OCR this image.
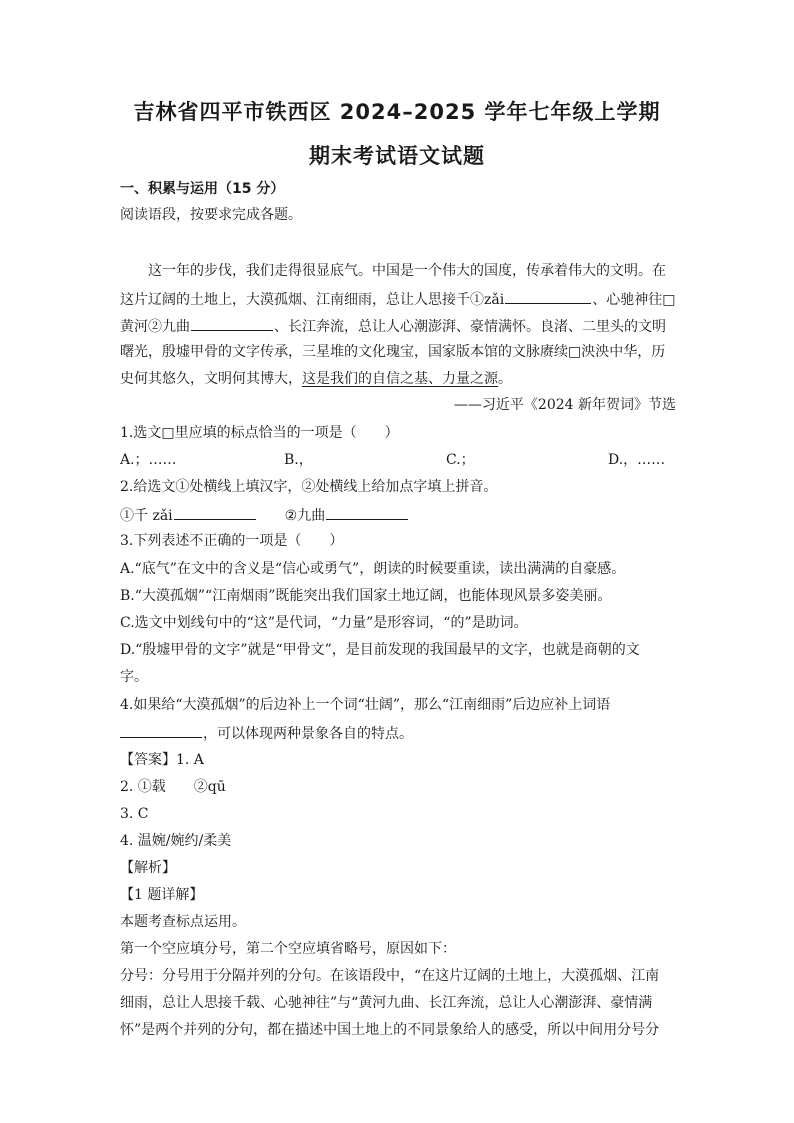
吉林省四平市铁西区 2024–2025 学年七年级上学期
期末考试语文试题
一、积累与运用（15 分）
阅读语段，按要求完成各题。
这一年的步伐，我们走得很显底气。中国是一个伟大的国度，传承着伟大的文明。在
这片辽阔的土地上，大漠孤烟、江南细雨，总让人思接千①zǎi	、心驰神往□
黄河②九曲	、长江奔流，总让人心潮澎湃、豪情满怀。良渚、二里头的文明
曙光，殷墟甲骨的文字传承，三星堆的文化瑰宝，国家版本馆的文脉赓续□泱泱中华，历
史何其悠久，文明何其博大，这是我们的自信之基、力量之源。
——习近平《2024 新年贺词》节选
1.选文□里应填的标点恰当的一项是（　　）
A.；……	B.，	C.；	D.，……
2.给选文①处横线上填汉字，②处横线上给加点字填上拼音。
①千 zǎi	②九曲
3.下列表述不正确的一项是（　　）
A.“底气”在文中的含义是“信心或勇气”，朗读的时候要重读，读出满满的自豪感。
B.“大漠孤烟”“江南烟雨”既能突出我们国家土地辽阔，也能体现风景多姿美丽。
C.选文中划线句中的“这”是代词，“力量”是形容词，“的”是助词。
D.“殷墟甲骨的文字”就是“甲骨文”，是目前发现的我国最早的文字，也就是商朝的文
字。
4.如果给“大漠孤烟”的后边补上一个词“壮阔”，那么“江南细雨”后边应补上词语
，可以体现两种景象各自的特点。
【答案】1. A
2. ①载　　②qū
3. C
4. 温婉/婉约/柔美
【解析】
【1 题详解】
本题考查标点运用。
第一个空应填分号，第二个空应填省略号，原因如下：
分号：分号用于分隔并列的分句。在该语段中，“在这片辽阔的土地上，大漠孤烟、江南
细雨，总让人思接千载、心驰神往”与“黄河九曲、长江奔流，总让人心潮澎湃、豪情满
怀”是两个并列的分句，都在描述中国土地上的不同景象给人的感受，所以中间用分号分
